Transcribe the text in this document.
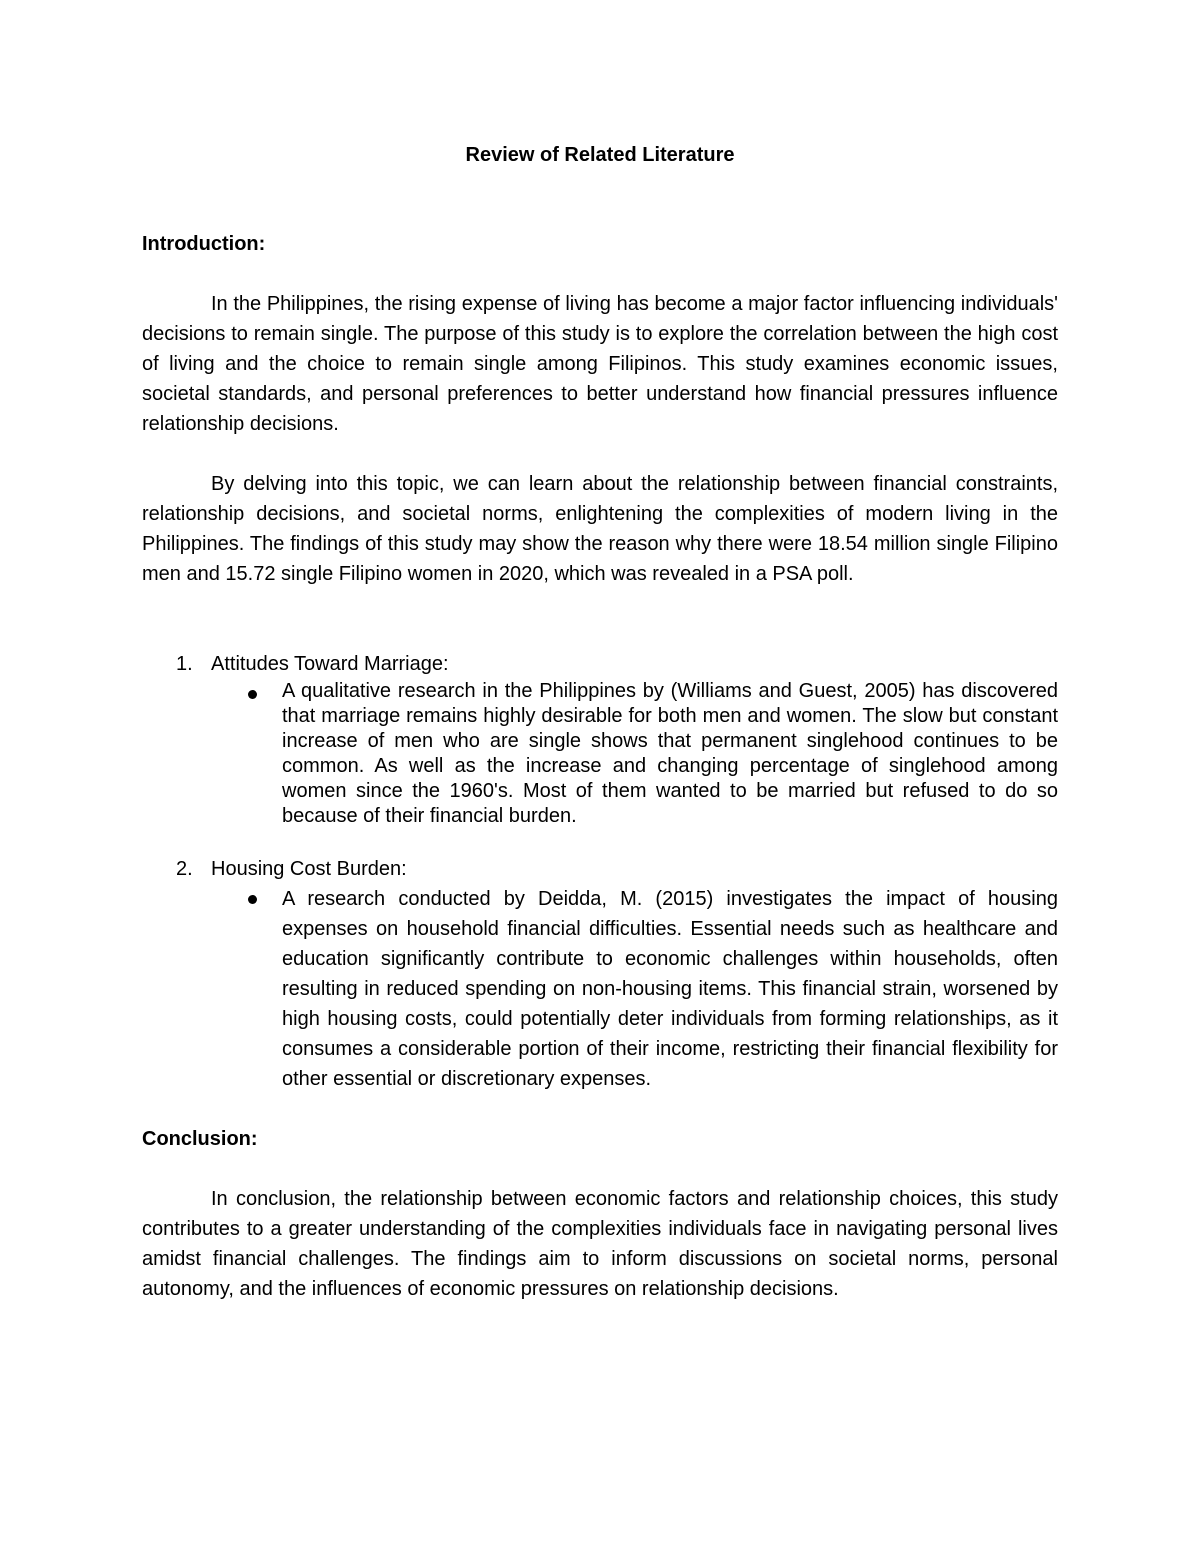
Review of Related Literature
Introduction:

In the Philippines, the rising expense of living has become a major factor influencing individuals' decisions to remain single. The purpose of this study is to explore the correlation between the high cost of living and the choice to remain single among Filipinos. This study examines economic issues, societal standards, and personal preferences to better understand how financial pressures influence relationship decisions.

By delving into this topic, we can learn about the relationship between financial constraints, relationship decisions, and societal norms, enlightening the complexities of modern living in the Philippines. The findings of this study may show the reason why there were 18.54 million single Filipino men and 15.72 single Filipino women in 2020, which was revealed in a PSA poll.

1. Attitudes Toward Marriage:
A qualitative research in the Philippines by (Williams and Guest, 2005) has discovered that marriage remains highly desirable for both men and women. The slow but constant increase of men who are single shows that permanent singlehood continues to be common. As well as the increase and changing percentage of singlehood among women since the 1960's. Most of them wanted to be married but refused to do so because of their financial burden.
2. Housing Cost Burden:
A research conducted by Deidda, M. (2015) investigates the impact of housing expenses on household financial difficulties. Essential needs such as healthcare and education significantly contribute to economic challenges within households, often resulting in reduced spending on non-housing items. This financial strain, worsened by high housing costs, could potentially deter individuals from forming relationships, as it consumes a considerable portion of their income, restricting their financial flexibility for other essential or discretionary expenses.
Conclusion:

In conclusion, the relationship between economic factors and relationship choices, this study contributes to a greater understanding of the complexities individuals face in navigating personal lives amidst financial challenges. The findings aim to inform discussions on societal norms, personal autonomy, and the influences of economic pressures on relationship decisions.
